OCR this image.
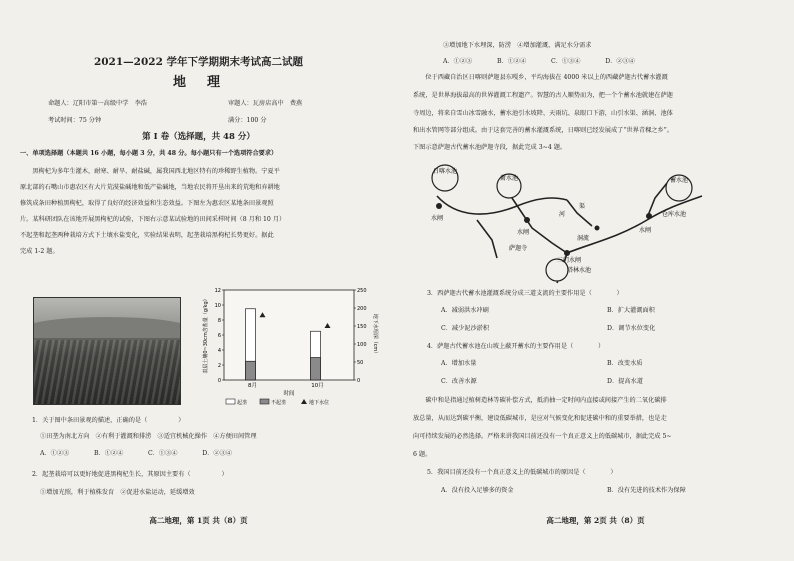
2021—2022 学年下学期期末考试高二试题
地　理
命题人：辽阳市第一高级中学　李浩	审题人：瓦房店高中　费燕
考试时间：75 分钟	满分：100 分
第 Ⅰ 卷（选择题，共 48 分）
一、单项选择题（本题共 16 小题，每小题 3 分，共 48 分。每小题只有一个选项符合要求）
　　黑枸杞为多年生灌木，耐寒、耐旱、耐盐碱，属我国西北地区特有的珍稀野生植物。宁夏平
原北部的石嘴山市惠农区有大片荒漠盐碱地和低产盐碱地，当地农民将开垦出来的荒地和弃耕地
修筑成条田种植黑枸杞，取得了良好的经济效益和生态效益。下图左为惠农区某地条田景观照
片。某科研团队在该地开展黑枸杞的试验，下图右示意某试验地的田间采样时间（8 月和 10 月）
不起垄和起垄两种栽培方式下土壤水盐变化，实验结果表明，起垄栽培黑枸杞长势更好。据此
完成 1-2 题。
12
10
8
6
4
2
0
250
200
150
100
50
0
表层土壤0~30cm含盐量（g/kg）	地下水埋深（cm）
8月	10月
时间
起垄	不起垄	地下水位
1．关于图中条田景观的描述，正确的是（　　　　　）
①田垄为南北方向　②有利于灌溉和排涝　③适宜机械化操作　④方便田间管理
A．①②③　　　　B．①②④　　　　C．①③④　　　　D．②③④
2．起垄栽培可以更好地促进黑枸杞生长，其原因主要有（　　　　　）
①增加光照，利于植株发育　②促进水盐运动，延缓增效
高二地理，第 1页 共（8）页
③增加地下水埋深，防涝　④增加灌溉，满足水分需求
A．①②③　　　　B．①②④　　　　C．①③④　　　　D．②③④
　　位于西藏自治区日喀则萨迦县东嘎乡，平均海拔在 4000 米以上的西藏萨迦古代蓄水灌溉
系统，是世界海拔最高的世界灌溉工程遗产。智慧的古人顺势而为，把一个个蓄水池就建在萨迦
寺周边，将来自雪山冰雪融水，蓄水池引水坡降、天雨坑、泉眼口下游，山引水渠、涵洞、池体
和出水管网等部分组成。由于这套完善的蓄水灌溉系统，日喀则已经发展成了“世界青稞之乡”。
下图示意萨迦古代蓄水池萨迦寺段，据此完成 3~4 题。
日喀水池
萧水池	蓄水池
仓库水池
塔林水池
水闸
水闸	水闸
河
渠
洞流
萨迦寺
三门水闸
3．西萨迦古代蓄水池灌溉系统分成三道支流的主要作用是（　　　　）
A．减弱洪水冲刷	B．扩大灌溉面积
C．减少泥沙淤积	D．调节水位变化
4．萨迦古代蓄水池在山坡上蔽开蓄水的主要作用是（　　　　）
A．增加水量	B．改变水质
C．改善水源	D．提高水道
　　碳中和是指通过植树造林等碳补偿方式，抵消抽一定时间内直接或间接产生的二氧化碳排
放总量，从而达到碳平衡，建设低碳城市，是应对气候变化和促进碳中和的重要举措，也是走
向可持续发展的必然选择。严格来讲我国目前还没有一个真正意义上的低碳城市，据此完成 5~
6 题。
5．我国目前还没有一个真正意义上的低碳城市的原因是（　　　　）
A．没有投入足够多的资金	B．没有先进的技术作为保障
高二地理，第 2页 共（8）页
